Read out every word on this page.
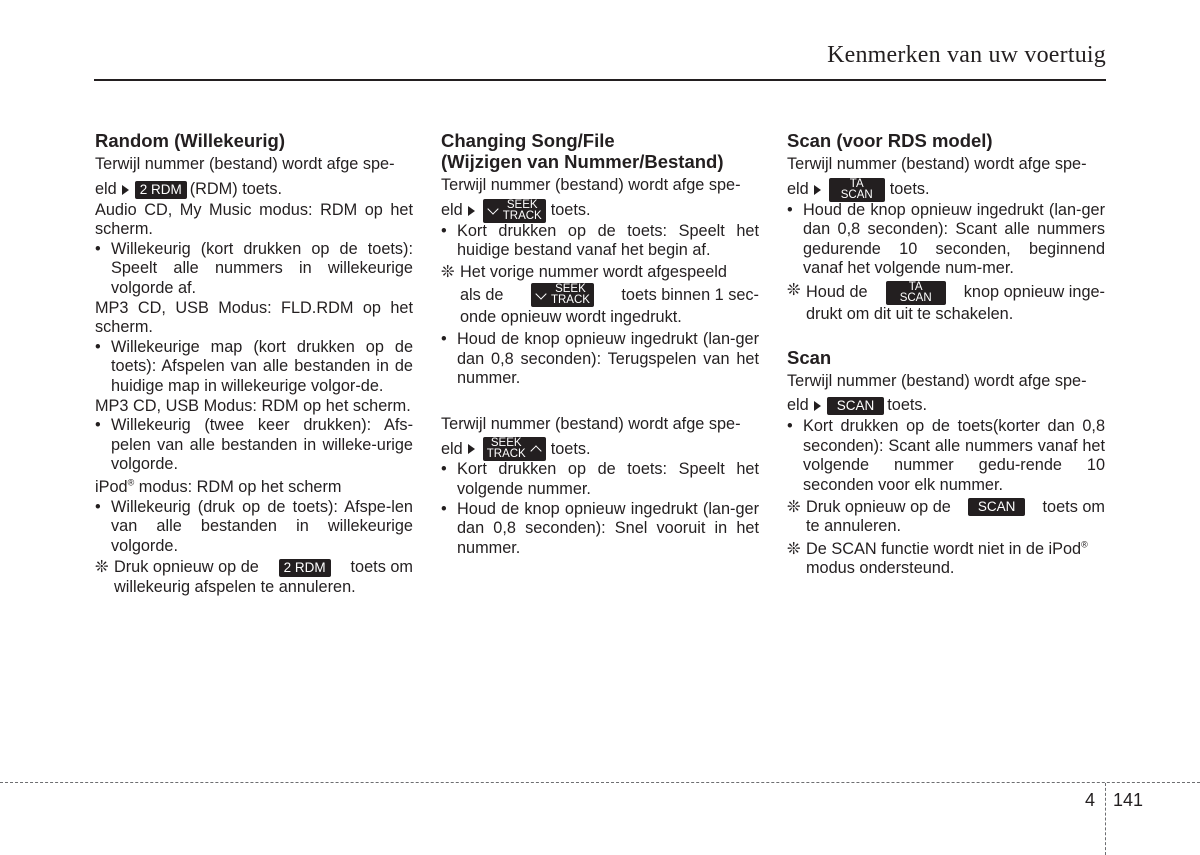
Kenmerken van uw voertuig
Random (Willekeurig)

Terwijl nummer (bestand) wordt afge spe-

eld	2 RDM (RDM) toets.

Audio CD, My Music modus: RDM op het scherm.

• Willekeurig (kort drukken op de toets): Speelt alle nummers in willekeurige volgorde af.

MP3 CD, USB Modus: FLD.RDM op het scherm.

• Willekeurige map (kort drukken op de toets): Afspelen van alle bestanden in de huidige map in willekeurige volgor-de.

MP3 CD, USB Modus: RDM op het scherm.

• Willekeurig (twee keer drukken): Afs-pelen van alle bestanden in willeke-urige volgorde.

iPod® modus: RDM op het scherm

• Willekeurig (druk op de toets): Afspe-len van alle bestanden in willekeurige volgorde.
❊ Druk opnieuw op de	2 RDM	toets om
willekeurig afspelen te annuleren.
Changing Song/File
(Wijzigen van Nummer/Bestand)

Terwijl nummer (bestand) wordt afge spe-

eld	SEEK
TRACK toets.
• Kort drukken op de toets: Speelt het huidige bestand vanaf het begin af.
❊ Het vorige nummer wordt afgespeeld
als de	SEEK
TRACK toets binnen 1 sec-
onde opnieuw wordt ingedrukt.
• Houd de knop opnieuw ingedrukt (lan-ger dan 0,8 seconden): Terugspelen van het nummer.

Terwijl nummer (bestand) wordt afge spe-

eld SEEK
TRACK toets.
• Kort drukken op de toets: Speelt het volgende nummer.
• Houd de knop opnieuw ingedrukt (lan-ger dan 0,8 seconden): Snel vooruit in het nummer.
Scan (voor RDS model)

Terwijl nummer (bestand) wordt afge spe-

eld	TA
SCAN toets.
• Houd de knop opnieuw ingedrukt (lan-ger dan 0,8 seconden): Scant alle nummers gedurende 10 seconden, beginnend vanaf het volgende num-mer.
❊ Houd de	TA
SCAN knop opnieuw inge-
drukt om dit uit te schakelen.
Scan

Terwijl nummer (bestand) wordt afge spe-

eld	SCAN toets.
• Kort drukken op de toets(korter dan 0,8 seconden): Scant alle nummers vanaf het volgende nummer gedu-rende 10 seconden voor elk nummer.
❊ Druk opnieuw op de	SCAN	toets om
te annuleren.
❊ De SCAN functie wordt niet in de iPod®
modus ondersteund.
4 141
